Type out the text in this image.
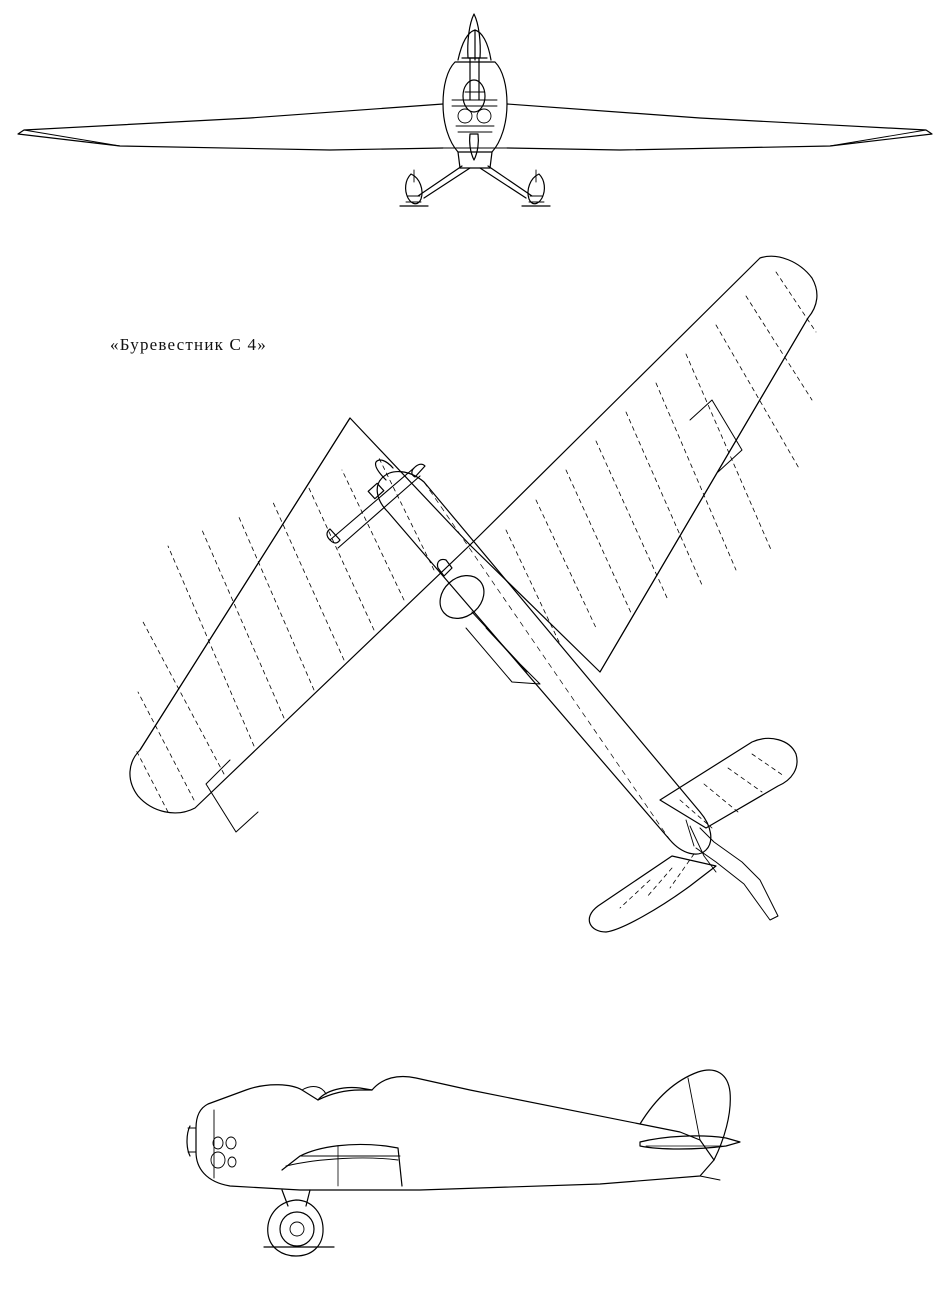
«Буревестник С 4»
